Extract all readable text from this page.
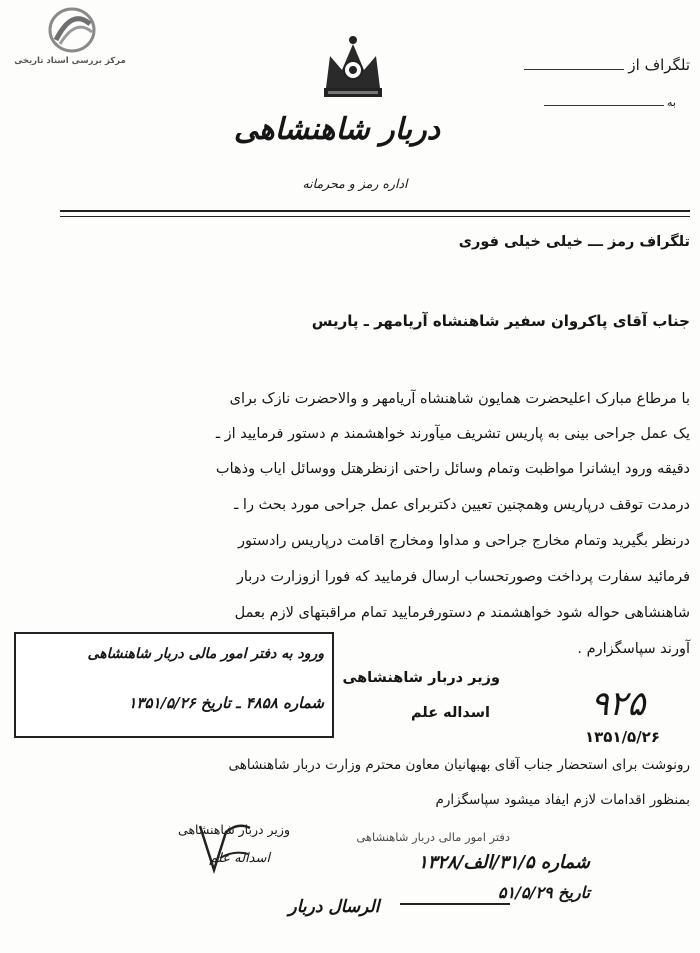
مرکز بررسی اسناد تاریخی	تلگراف از
به
دربار شاهنشاهی
اداره رمز و محرمانه
تلگراف رمز ـــ خیلی خیلی فوری
جناب آقای پاکروان سفیر شاهنشاه آریامهر ـ پاریس
با مرطاع مبارک اعلیحضرت همایون شاهنشاه آریامهر و والاحضرت نازک برای
یک عمل جراحی بینی به پاریس تشریف میآورند خواهشمند م دستور فرمایید از ـ
دقیقه ورود ایشانرا مواظبت وتمام وسائل راحتی ازنظرهتل ووسائل ایاب وذهاب
درمدت توقف درپاریس وهمچنین تعیین دکتربرای عمل جراحی مورد بحث را ـ
درنظر بگیرید وتمام مخارج جراحی و مداوا ومخارج اقامت درپاریس رادستور
فرمائید سفارت پرداخت وصورتحساب ارسال فرمایید که فورا ازوزارت دربار
شاهنشاهی حواله شود خواهشمند م دستورفرمایید تمام مراقبتهای لازم بعمل
آورند سپاسگزارم .
وزیر دربار شاهنشاهی
اسداله علم	۹۲۵
۱۳۵۱/۵/۲۶
ورود به دفتر امور مالی دربار شاهنشاهی
شماره ۴۸۵۸ ـ تاریخ ۱۳۵۱/۵/۲۶
رونوشت برای استحضار جناب آقای بهبهانیان معاون محترم وزارت دربار شاهنشاهی
بمنظور اقدامات لازم ایفاد میشود سپاسگزارم
وزیر دربار شاهنشاهی
اسداله علم
دفتر امور مالی دربار شاهنشاهی
شماره ۳۱/۵/الف/۱۳۲۸
تاریخ ۵۱/۵/۲۹
الرسال دربار
